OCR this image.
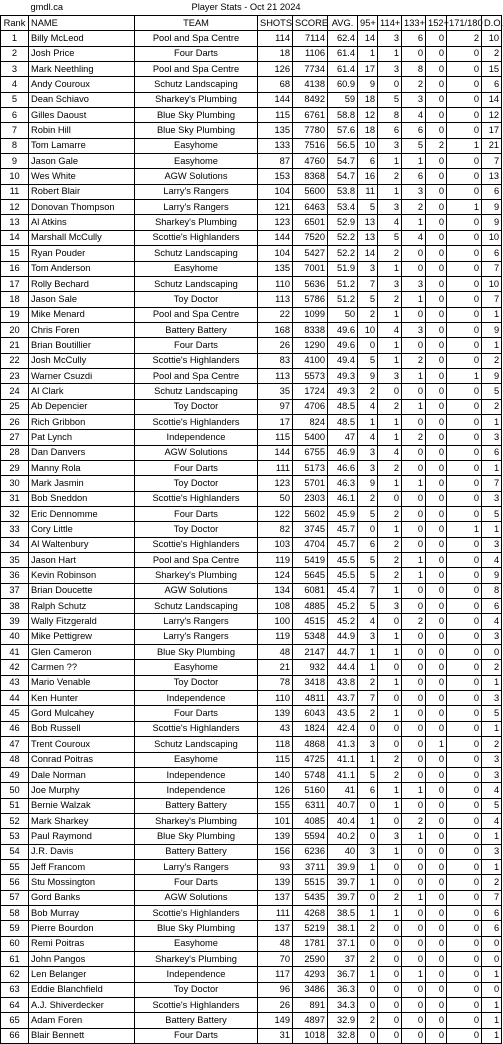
gmdl.ca		Player Stats - Oct 21 2024									
Rank	NAME	TEAM	SHOTS	SCORE	AVG.	95+	114+	133+	152+	171/180	D.O.
1	Billy McLeod	Pool and Spa Centre	114	7114	62.4	14	3	6	0	2	10
2	Josh Price	Four Darts	18	1106	61.4	1	1	0	0	0	2
3	Mark Neethling	Pool and Spa Centre	126	7734	61.4	17	3	8	0	0	15
4	Andy Couroux	Schutz Landscaping	68	4138	60.9	9	0	2	0	0	6
5	Dean Schiavo	Sharkey's Plumbing	144	8492	59	18	5	3	0	0	14
6	Gilles Daoust	Blue Sky Plumbing	115	6761	58.8	12	8	4	0	0	12
7	Robin Hill	Blue Sky Plumbing	135	7780	57.6	18	6	6	0	0	17
8	Tom Lamarre	Easyhome	133	7516	56.5	10	3	5	2	1	21
9	Jason Gale	Easyhome	87	4760	54.7	6	1	1	0	0	7
10	Wes White	AGW Solutions	153	8368	54.7	16	2	6	0	0	13
11	Robert Blair	Larry's Rangers	104	5600	53.8	11	1	3	0	0	6
12	Donovan Thompson	Larry's Rangers	121	6463	53.4	5	3	2	0	1	9
13	Al Atkins	Sharkey's Plumbing	123	6501	52.9	13	4	1	0	0	9
14	Marshall McCully	Scottie's Highlanders	144	7520	52.2	13	5	4	0	0	10
15	Ryan Pouder	Schutz Landscaping	104	5427	52.2	14	2	0	0	0	6
16	Tom Anderson	Easyhome	135	7001	51.9	3	1	0	0	0	7
17	Rolly Bechard	Schutz Landscaping	110	5636	51.2	7	3	3	0	0	10
18	Jason Sale	Toy Doctor	113	5786	51.2	5	2	1	0	0	7
19	Mike Menard	Pool and Spa Centre	22	1099	50	2	1	0	0	0	1
20	Chris Foren	Battery Battery	168	8338	49.6	10	4	3	0	0	9
21	Brian Boutillier	Four Darts	26	1290	49.6	0	1	0	0	0	1
22	Josh McCully	Scottie's Highlanders	83	4100	49.4	5	1	2	0	0	2
23	Warner Csuzdi	Pool and Spa Centre	113	5573	49.3	9	3	1	0	1	9
24	Al Clark	Schutz Landscaping	35	1724	49.3	2	0	0	0	0	5
25	Ab Depencier	Toy Doctor	97	4706	48.5	4	2	1	0	0	2
26	Rich Gribbon	Scottie's Highlanders	17	824	48.5	1	1	0	0	0	1
27	Pat Lynch	Independence	115	5400	47	4	1	2	0	0	3
28	Dan Danvers	AGW Solutions	144	6755	46.9	3	4	0	0	0	6
29	Manny Rola	Four Darts	111	5173	46.6	3	2	0	0	0	1
30	Mark Jasmin	Toy Doctor	123	5701	46.3	9	1	1	0	0	7
31	Bob Sneddon	Scottie's Highlanders	50	2303	46.1	2	0	0	0	0	3
32	Eric Dennomme	Four Darts	122	5602	45.9	5	2	0	0	0	5
33	Cory Little	Toy Doctor	82	3745	45.7	0	1	0	0	1	1
34	Al Waltenbury	Scottie's Highlanders	103	4704	45.7	6	2	0	0	0	3
35	Jason Hart	Pool and Spa Centre	119	5419	45.5	5	2	1	0	0	4
36	Kevin Robinson	Sharkey's Plumbing	124	5645	45.5	5	2	1	0	0	9
37	Brian Doucette	AGW Solutions	134	6081	45.4	7	1	0	0	0	8
38	Ralph Schutz	Schutz Landscaping	108	4885	45.2	5	3	0	0	0	6
39	Wally Fitzgerald	Larry's Rangers	100	4515	45.2	4	0	2	0	0	4
40	Mike Pettigrew	Larry's Rangers	119	5348	44.9	3	1	0	0	0	3
41	Glen Cameron	Blue Sky Plumbing	48	2147	44.7	1	1	0	0	0	0
42	Carmen ??	Easyhome	21	932	44.4	1	0	0	0	0	2
43	Mario Venable	Toy Doctor	78	3418	43.8	2	1	0	0	0	1
44	Ken Hunter	Independence	110	4811	43.7	7	0	0	0	0	3
45	Gord Mulcahey	Four Darts	139	6043	43.5	2	1	0	0	0	5
46	Bob Russell	Scottie's Highlanders	43	1824	42.4	0	0	0	0	0	1
47	Trent Couroux	Schutz Landscaping	118	4868	41.3	3	0	0	1	0	2
48	Conrad Poitras	Easyhome	115	4725	41.1	1	2	0	0	0	3
49	Dale Norman	Independence	140	5748	41.1	5	2	0	0	0	3
50	Joe Murphy	Independence	126	5160	41	6	1	1	0	0	4
51	Bernie Walzak	Battery Battery	155	6311	40.7	0	1	0	0	0	5
52	Mark Sharkey	Sharkey's Plumbing	101	4085	40.4	1	0	2	0	0	4
53	Paul Raymond	Blue Sky Plumbing	139	5594	40.2	0	3	1	0	0	1
54	J.R. Davis	Battery Battery	156	6236	40	3	1	0	0	0	3
55	Jeff Francom	Larry's Rangers	93	3711	39.9	1	0	0	0	0	1
56	Stu Mossington	Four Darts	139	5515	39.7	1	0	0	0	0	2
57	Gord Banks	AGW Solutions	137	5435	39.7	0	2	1	0	0	7
58	Bob Murray	Scottie's Highlanders	111	4268	38.5	1	1	0	0	0	6
59	Pierre Bourdon	Blue Sky Plumbing	137	5219	38.1	2	0	0	0	0	6
60	Remi Poitras	Easyhome	48	1781	37.1	0	0	0	0	0	0
61	John Pangos	Sharkey's Plumbing	70	2590	37	2	0	0	0	0	0
62	Len Belanger	Independence	117	4293	36.7	1	0	1	0	0	1
63	Eddie Blanchfield	Toy Doctor	96	3486	36.3	0	0	0	0	0	0
64	A.J. Shiverdecker	Scottie's Highlanders	26	891	34.3	0	0	0	0	0	1
65	Adam Foren	Battery Battery	149	4897	32.9	2	0	0	0	0	1
66	Blair Bennett	Four Darts	31	1018	32.8	0	0	0	0	0	1
